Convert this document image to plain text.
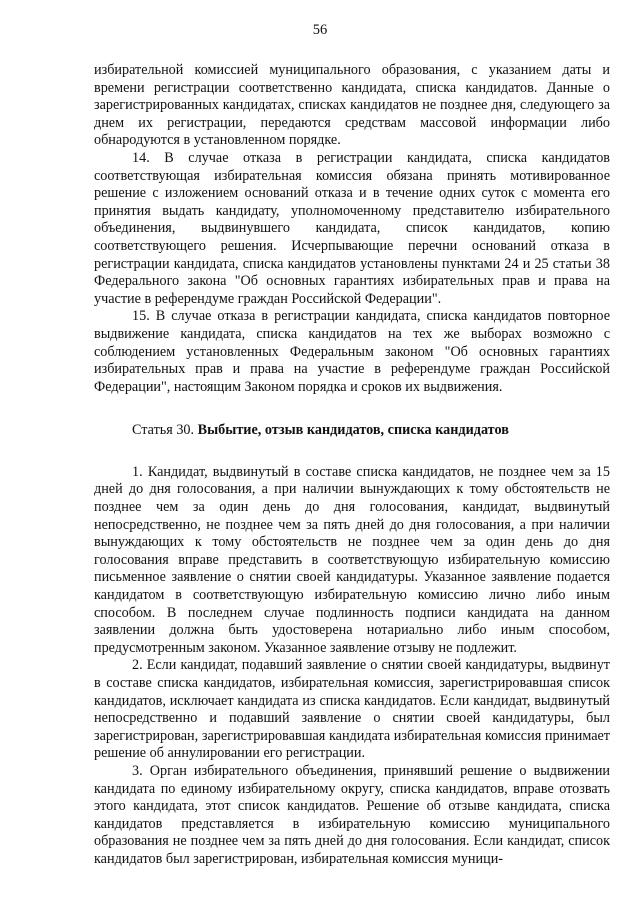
56

избирательной комиссией муниципального образования, с указанием даты и времени регистрации соответственно кандидата, списка кандидатов. Данные о зарегистрированных кандидатах, списках кандидатов не позднее дня, следующего за днем их регистрации, передаются средствам массовой информации либо обнародуются в установленном порядке.

14. В случае отказа в регистрации кандидата, списка кандидатов соответствующая избирательная комиссия обязана принять мотивированное решение с изложением оснований отказа и в течение одних суток с момента его принятия выдать кандидату, уполномоченному представителю избирательного объединения, выдвинувшего кандидата, список кандидатов, копию соответствующего решения. Исчерпывающие перечни оснований отказа в регистрации кандидата, списка кандидатов установлены пунктами 24 и 25 статьи 38 Федерального закона "Об основных гарантиях избирательных прав и права на участие в референдуме граждан Российской Федерации".

15. В случае отказа в регистрации кандидата, списка кандидатов повторное выдвижение кандидата, списка кандидатов на тех же выборах возможно с соблюдением установленных Федеральным законом "Об основных гарантиях избирательных прав и права на участие в референдуме граждан Российской Федерации", настоящим Законом порядка и сроков их выдвижения.

Статья 30. Выбытие, отзыв кандидатов, списка кандидатов

1. Кандидат, выдвинутый в составе списка кандидатов, не позднее чем за 15 дней до дня голосования, а при наличии вынуждающих к тому обстоятельств не позднее чем за один день до дня голосования, кандидат, выдвинутый непосредственно, не позднее чем за пять дней до дня голосования, а при наличии вынуждающих к тому обстоятельств не позднее чем за один день до дня голосования вправе представить в соответствующую избирательную комиссию письменное заявление о снятии своей кандидатуры. Указанное заявление подается кандидатом в соответствующую избирательную комиссию лично либо иным способом. В последнем случае подлинность подписи кандидата на данном заявлении должна быть удостоверена нотариально либо иным способом, предусмотренным законом. Указанное заявление отзыву не подлежит.

2. Если кандидат, подавший заявление о снятии своей кандидатуры, выдвинут в составе списка кандидатов, избирательная комиссия, зарегистрировавшая список кандидатов, исключает кандидата из списка кандидатов. Если кандидат, выдвинутый непосредственно и подавший заявление о снятии своей кандидатуры, был зарегистрирован, зарегистрировавшая кандидата избирательная комиссия принимает решение об аннулировании его регистрации.

3. Орган избирательного объединения, принявший решение о выдвижении кандидата по единому избирательному округу, списка кандидатов, вправе отозвать этого кандидата, этот список кандидатов. Решение об отзыве кандидата, списка кандидатов представляется в избирательную комиссию муниципального образования не позднее чем за пять дней до дня голосования. Если кандидат, список кандидатов был зарегистрирован, избирательная комиссия муници-
